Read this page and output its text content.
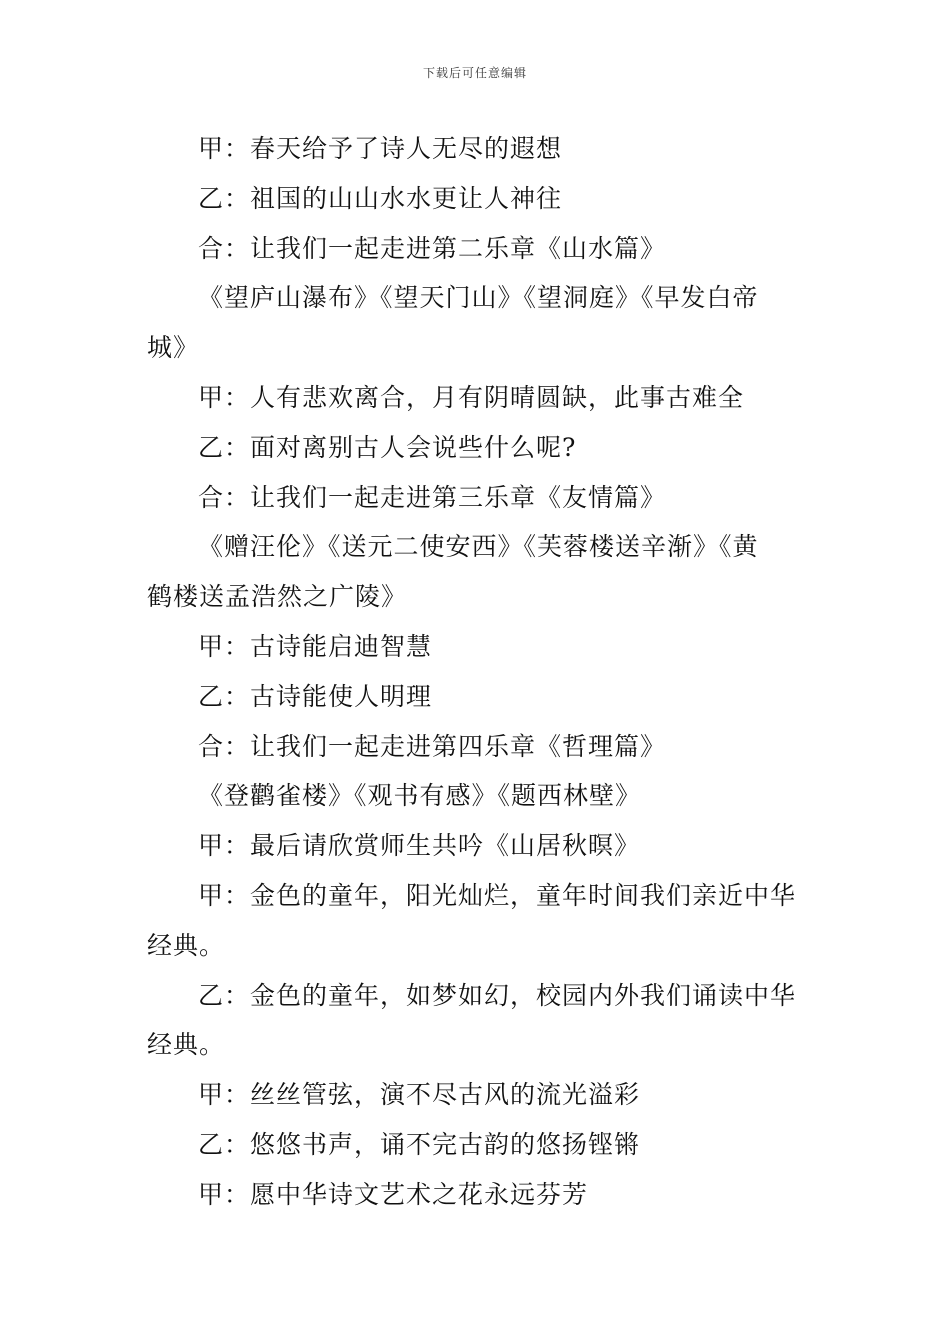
下载后可任意编辑
甲：春天给予了诗人无尽的遐想
乙：祖国的山山水水更让人神往
合：让我们一起走进第二乐章《山水篇》
《望庐山瀑布》《望天门山》《望洞庭》《早发白帝
城》
甲：人有悲欢离合，月有阴晴圆缺，此事古难全
乙：面对离别古人会说些什么呢?
合：让我们一起走进第三乐章《友情篇》
《赠汪伦》《送元二使安西》《芙蓉楼送辛渐》《黄
鹤楼送孟浩然之广陵》
甲：古诗能启迪智慧
乙：古诗能使人明理
合：让我们一起走进第四乐章《哲理篇》
《登鹳雀楼》《观书有感》《题西林壁》
甲：最后请欣赏师生共吟《山居秋暝》
甲：金色的童年，阳光灿烂，童年时间我们亲近中华
经典。
乙：金色的童年，如梦如幻，校园内外我们诵读中华
经典。
甲：丝丝管弦，演不尽古风的流光溢彩
乙：悠悠书声，诵不完古韵的悠扬铿锵
甲：愿中华诗文艺术之花永远芬芳
